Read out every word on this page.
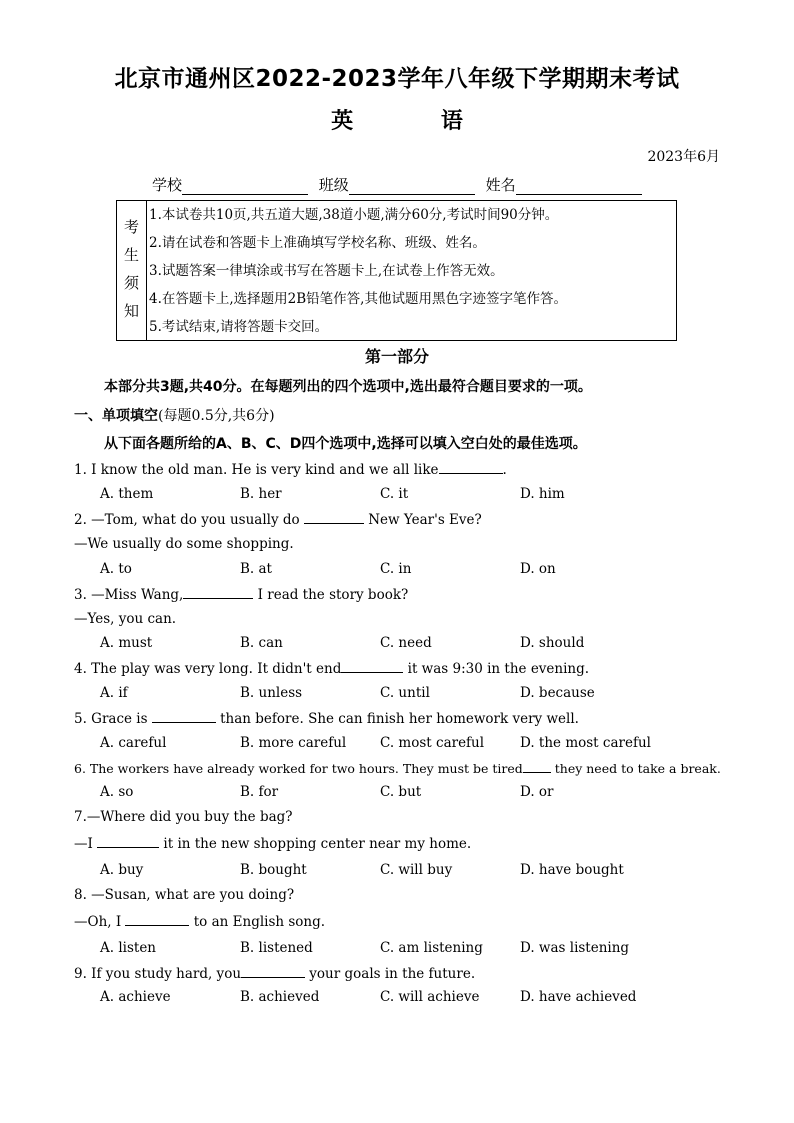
北京市通州区2022-2023学年八年级下学期期末考试
英 语
2023年6月
学校	班级	姓名
考
生
须
知
1.本试卷共10页,共五道大题,38道小题,满分60分,考试时间90分钟。
2.请在试卷和答题卡上准确填写学校名称、班级、姓名。
3.试题答案一律填涂或书写在答题卡上,在试卷上作答无效。
4.在答题卡上,选择题用2B铅笔作答,其他试题用黑色字迹签字笔作答。
5.考试结束,请将答题卡交回。
第一部分
本部分共3题,共40分。在每题列出的四个选项中,选出最符合题目要求的一项。
一、单项填空(每题0.5分,共6分)
从下面各题所给的A、B、C、D四个选项中,选择可以填入空白处的最佳选项。
1. I know the old man. He is very kind and we all like	.
A. them	B. her	C. it	D. him
2. —Tom, what do you usually do	New Year's Eve?
—We usually do some shopping.
A. to	B. at	C. in	D. on
3. —Miss Wang,	I read the story book?
—Yes, you can.
A. must	B. can	C. need	D. should
4. The play was very long. It didn't end	it was 9:30 in the evening.
A. if	B. unless	C. until	D. because
5. Grace is	than before. She can finish her homework very well.
A. careful	B. more careful	C. most careful	D. the most careful
6. The workers have already worked for two hours. They must be tired they need to take a break.
A. so	B. for	C. but	D. or
7.—Where did you buy the bag?
—I	it in the new shopping center near my home.
A. buy	B. bought	C. will buy	D. have bought
8. —Susan, what are you doing?
—Oh, I	to an English song.
A. listen	B. listened	C. am listening	D. was listening
9. If you study hard, you	your goals in the future.
A. achieve	B. achieved	C. will achieve	D. have achieved
